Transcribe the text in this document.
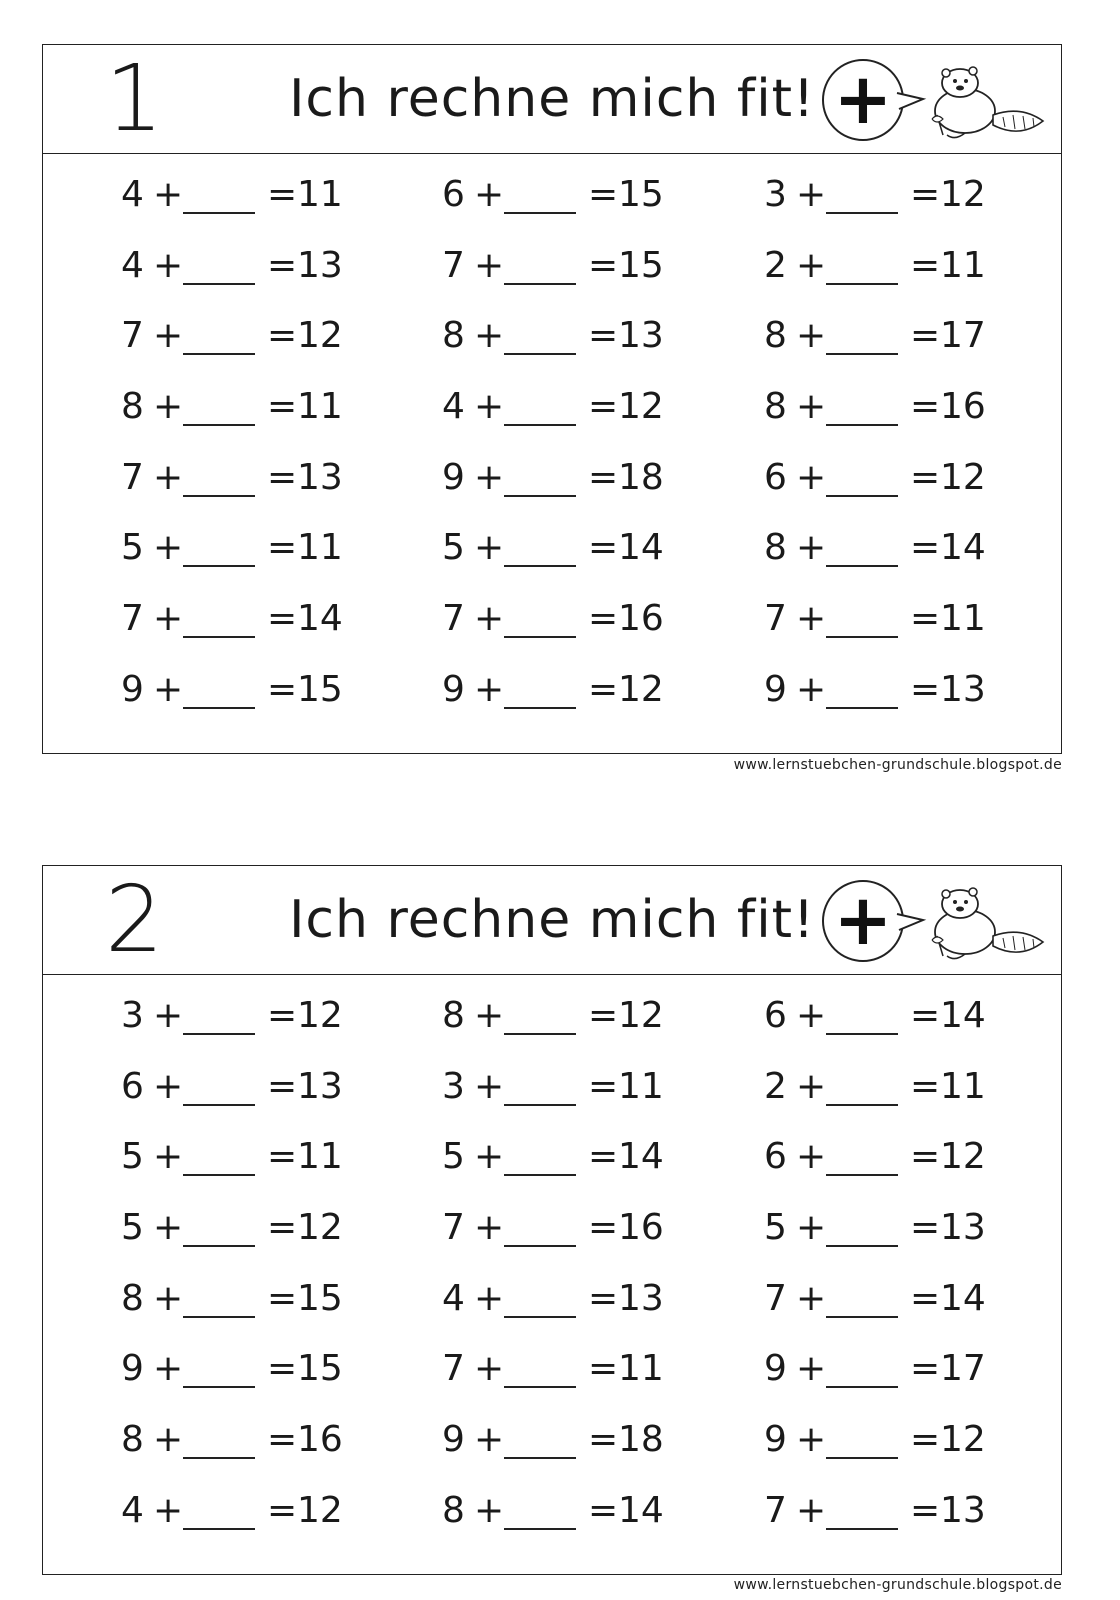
1	Ich rechne mich fit! +
4 + = 11	6 + = 15	3 + = 12
4 + = 13	7 + = 15	2 + = 11
7 + = 12	8 + = 13	8 + = 17
8 + = 11	4 + = 12	8 + = 16
7 + = 13	9 + = 18	6 + = 12
5 + = 11	5 + = 14	8 + = 14
7 + = 14	7 + = 16	7 + = 11
9 + = 15	9 + = 12	9 + = 13
www.lernstuebchen-grundschule.blogspot.de
2	Ich rechne mich fit! +
3 + = 12	8 + = 12	6 + = 14
6 + = 13	3 + = 11	2 + = 11
5 + = 11	5 + = 14	6 + = 12
5 + = 12	7 + = 16	5 + = 13
8 + = 15	4 + = 13	7 + = 14
9 + = 15	7 + = 11	9 + = 17
8 + = 16	9 + = 18	9 + = 12
4 + = 12	8 + = 14	7 + = 13
www.lernstuebchen-grundschule.blogspot.de
